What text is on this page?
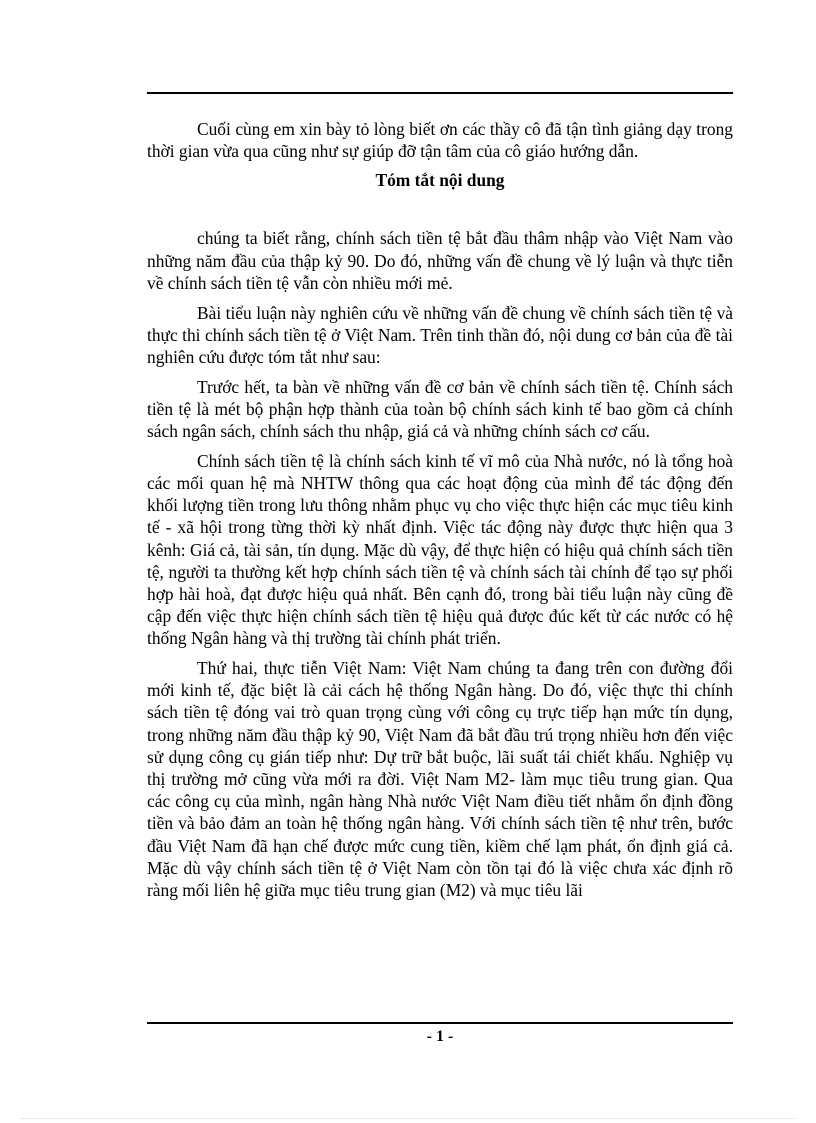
Cuối cùng em xin bày tỏ lòng biết ơn các thầy cô đã tận tình giảng dạy trong thời gian vừa qua cũng như sự giúp đỡ tận tâm của cô giáo hướng dẫn.

Tóm tắt nội dung

chúng ta biết rằng, chính sách tiền tệ bắt đầu thâm nhập vào Việt Nam vào những năm đầu của thập kỷ 90. Do đó, những vấn đề chung về lý luận và thực tiễn về chính sách tiền tệ vẫn còn nhiều mới mẻ.

Bài tiểu luận này nghiên cứu về những vấn đề chung về chính sách tiền tệ và thực thi chính sách tiền tệ ở Việt Nam. Trên tinh thần đó, nội dung cơ bản của đề tài nghiên cứu được tóm tắt như sau:

Trước hết, ta bàn về những vấn đề cơ bản về chính sách tiền tệ. Chính sách tiền tệ là mét bộ phận hợp thành của toàn bộ chính sách kinh tế bao gồm cả chính sách ngân sách, chính sách thu nhập, giá cả và những chính sách cơ cấu.

Chính sách tiền tệ là chính sách kinh tế vĩ mô của Nhà nước, nó là tổng hoà các mối quan hệ mà NHTW thông qua các hoạt động của mình để tác động đến khối lượng tiền trong lưu thông nhằm phục vụ cho việc thực hiện các mục tiêu kinh tế - xã hội trong từng thời kỳ nhất định. Việc tác động này được thực hiện qua 3 kênh: Giá cả, tài sản, tín dụng. Mặc dù vậy, để thực hiện có hiệu quả chính sách tiền tệ, người ta thường kết hợp chính sách tiền tệ và chính sách tài chính để tạo sự phối hợp hài hoà, đạt được hiệu quả nhất. Bên cạnh đó, trong bài tiểu luận này cũng đề cập đến việc thực hiện chính sách tiền tệ hiệu quả được đúc kết từ các nước có hệ thống Ngân hàng và thị trường tài chính phát triển.

Thứ hai, thực tiễn Việt Nam: Việt Nam chúng ta đang trên con đường đổi mới kinh tế, đặc biệt là cải cách hệ thống Ngân hàng. Do đó, việc thực thi chính sách tiền tệ đóng vai trò quan trọng cùng với công cụ trực tiếp hạn mức tín dụng, trong những năm đầu thập kỷ 90, Việt Nam đã bắt đầu trú trọng nhiều hơn đến việc sử dụng công cụ gián tiếp như: Dự trữ bắt buộc, lãi suất tái chiết khấu. Nghiệp vụ thị trường mở cũng vừa mới ra đời. Việt Nam M2- làm mục tiêu trung gian. Qua các công cụ của mình, ngân hàng Nhà nước Việt Nam điều tiết nhằm ổn định đồng tiền và bảo đảm an toàn hệ thống ngân hàng. Với chính sách tiền tệ như trên, bước đầu Việt Nam đã hạn chế được mức cung tiền, kiềm chế lạm phát, ổn định giá cả. Mặc dù vậy chính sách tiền tệ ở Việt Nam còn tồn tại đó là việc chưa xác định rõ ràng mối liên hệ giữa mục tiêu trung gian (M2) và mục tiêu lãi

- 1 -
